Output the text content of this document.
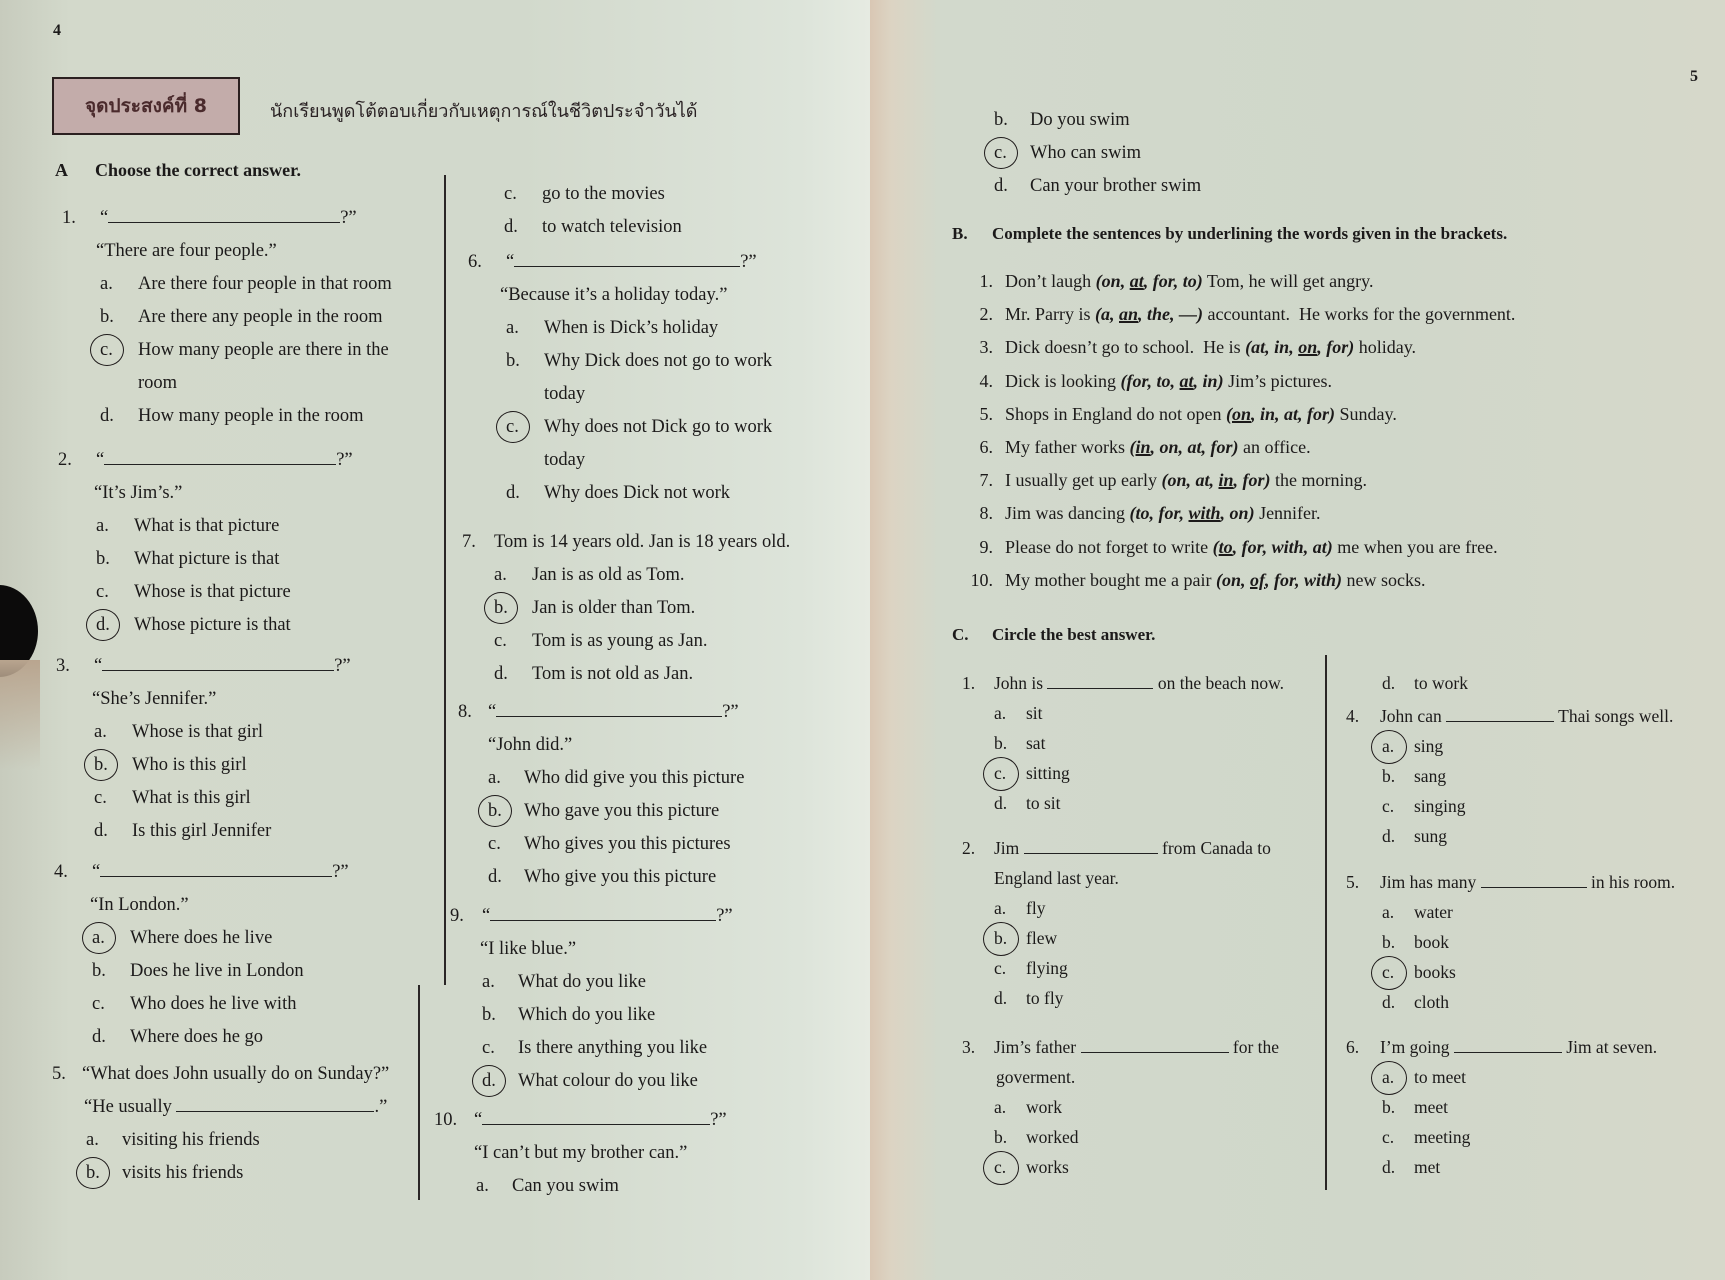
4
จุดประสงค์ที่ 8	นักเรียนพูดโต้ตอบเกี่ยวกับเหตุการณ์ในชีวิตประจำวันได้
A Choose the correct answer.
1. “	?”
“There are four people.”
a.	Are there four people in that room
b.	Are there any people in the room
c.	How many people are there in the
room
d.	How many people in the room
2. “	?”
“It’s Jim’s.”
a.	What is that picture
b.	What picture is that
c.	Whose is that picture
d.	Whose picture is that
3. “	?”
“She’s Jennifer.”
a.	Whose is that girl
b.	Who is this girl
c.	What is this girl
d.	Is this girl Jennifer
4. “	?”
“In London.”
a.	Where does he live
b.	Does he live in London
c.	Who does he live with
d.	Where does he go
5. “What does John usually do on Sunday?”
“He usually	.”
a.	visiting his friends
b.	visits his friends
c.	go to the movies
d.	to watch television
6. “	?”
“Because it’s a holiday today.”
a.	When is Dick’s holiday
b.	Why Dick does not go to work
today
c.	Why does not Dick go to work
today
d.	Why does Dick not work
7. Tom is 14 years old. Jan is 18 years old.
a.	Jan is as old as Tom.
b.	Jan is older than Tom.
c.	Tom is as young as Jan.
d.	Tom is not old as Jan.
8. “	?”
“John did.”
a.	Who did give you this picture
b.	Who gave you this picture
c.	Who gives you this pictures
d.	Who give you this picture
9. “	?”
“I like blue.”
a.	What do you like
b.	Which do you like
c.	Is there anything you like
d.	What colour do you like
10. “	?”
“I can’t but my brother can.”
a.	Can you swim
5
b.	Do you swim
c.	Who can swim
d.	Can your brother swim
B. Complete the sentences by underlining the words given in the brackets.
1. Don’t laugh (on, at, for, to) Tom, he will get angry.
2. Mr. Parry is (a, an, the, —) accountant.  He works for the government.
3. Dick doesn’t go to school.  He is (at, in, on, for) holiday.
4. Dick is looking (for, to, at, in) Jim’s pictures.
5. Shops in England do not open (on, in, at, for) Sunday.
6. My father works (in, on, at, for) an office.
7. I usually get up early (on, at, in, for) the morning.
8. Jim was dancing (to, for, with, on) Jennifer.
9. Please do not forget to write (to, for, with, at) me when you are free.
10. My mother bought me a pair (on, of, for, with) new socks.
C. Circle the best answer.
1. John is	on the beach now.
a.	sit
b.	sat
c.	sitting
d.	to sit
2. Jim	from Canada to
England last year.
a.	fly
b.	flew
c.	flying
d.	to fly
3. Jim’s father	for the
goverment.
a.	work
b.	worked
c.	works
d.	to work
4. John can	Thai songs well.
a.	sing
b.	sang
c.	singing
d.	sung
5. Jim has many	in his room.
a.	water
b.	book
c.	books
d.	cloth
6. I’m going	Jim at seven.
a.	to meet
b.	meet
c.	meeting
d.	met
